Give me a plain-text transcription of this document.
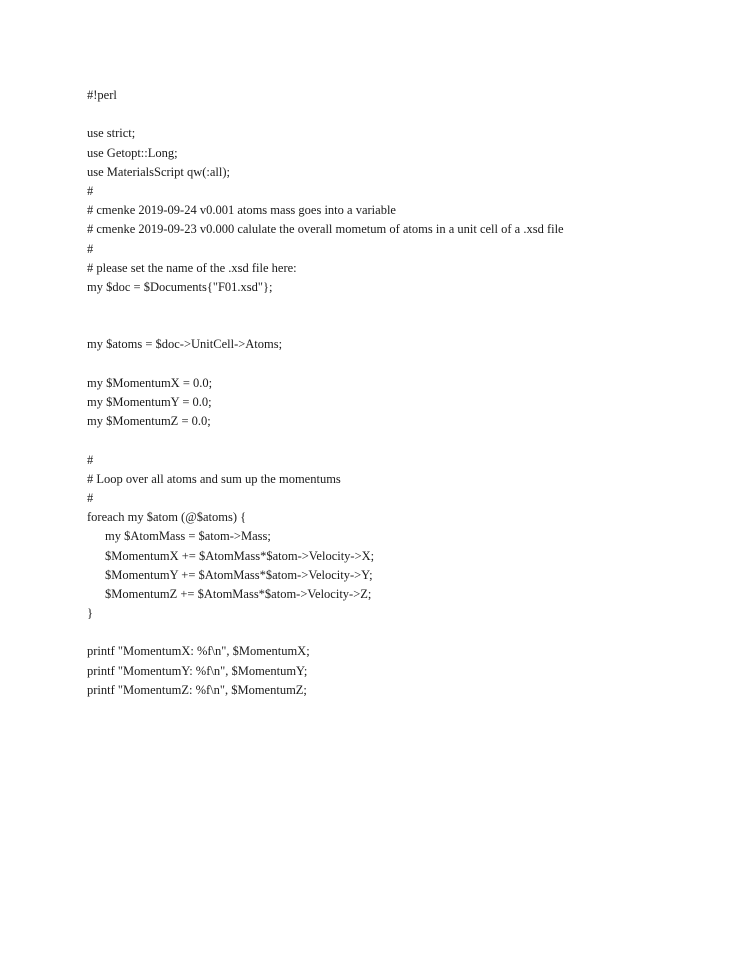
#!perl
use strict;
use Getopt::Long;
use MaterialsScript qw(:all);
#
# cmenke 2019-09-24 v0.001 atoms mass goes into a variable
# cmenke 2019-09-23 v0.000 calulate the overall mometum of atoms in a unit cell of a .xsd file
#
# please set the name of the .xsd file here:
my $doc = $Documents{"F01.xsd"};
my $atoms = $doc->UnitCell->Atoms;
my $MomentumX = 0.0;
my $MomentumY = 0.0;
my $MomentumZ = 0.0;
#
# Loop over all atoms and sum up the momentums
#
foreach my $atom (@$atoms) {
my $AtomMass = $atom->Mass;
$MomentumX += $AtomMass*$atom->Velocity->X;
$MomentumY += $AtomMass*$atom->Velocity->Y;
$MomentumZ += $AtomMass*$atom->Velocity->Z;
}
printf "MomentumX: %f\n", $MomentumX;
printf "MomentumY: %f\n", $MomentumY;
printf "MomentumZ: %f\n", $MomentumZ;
